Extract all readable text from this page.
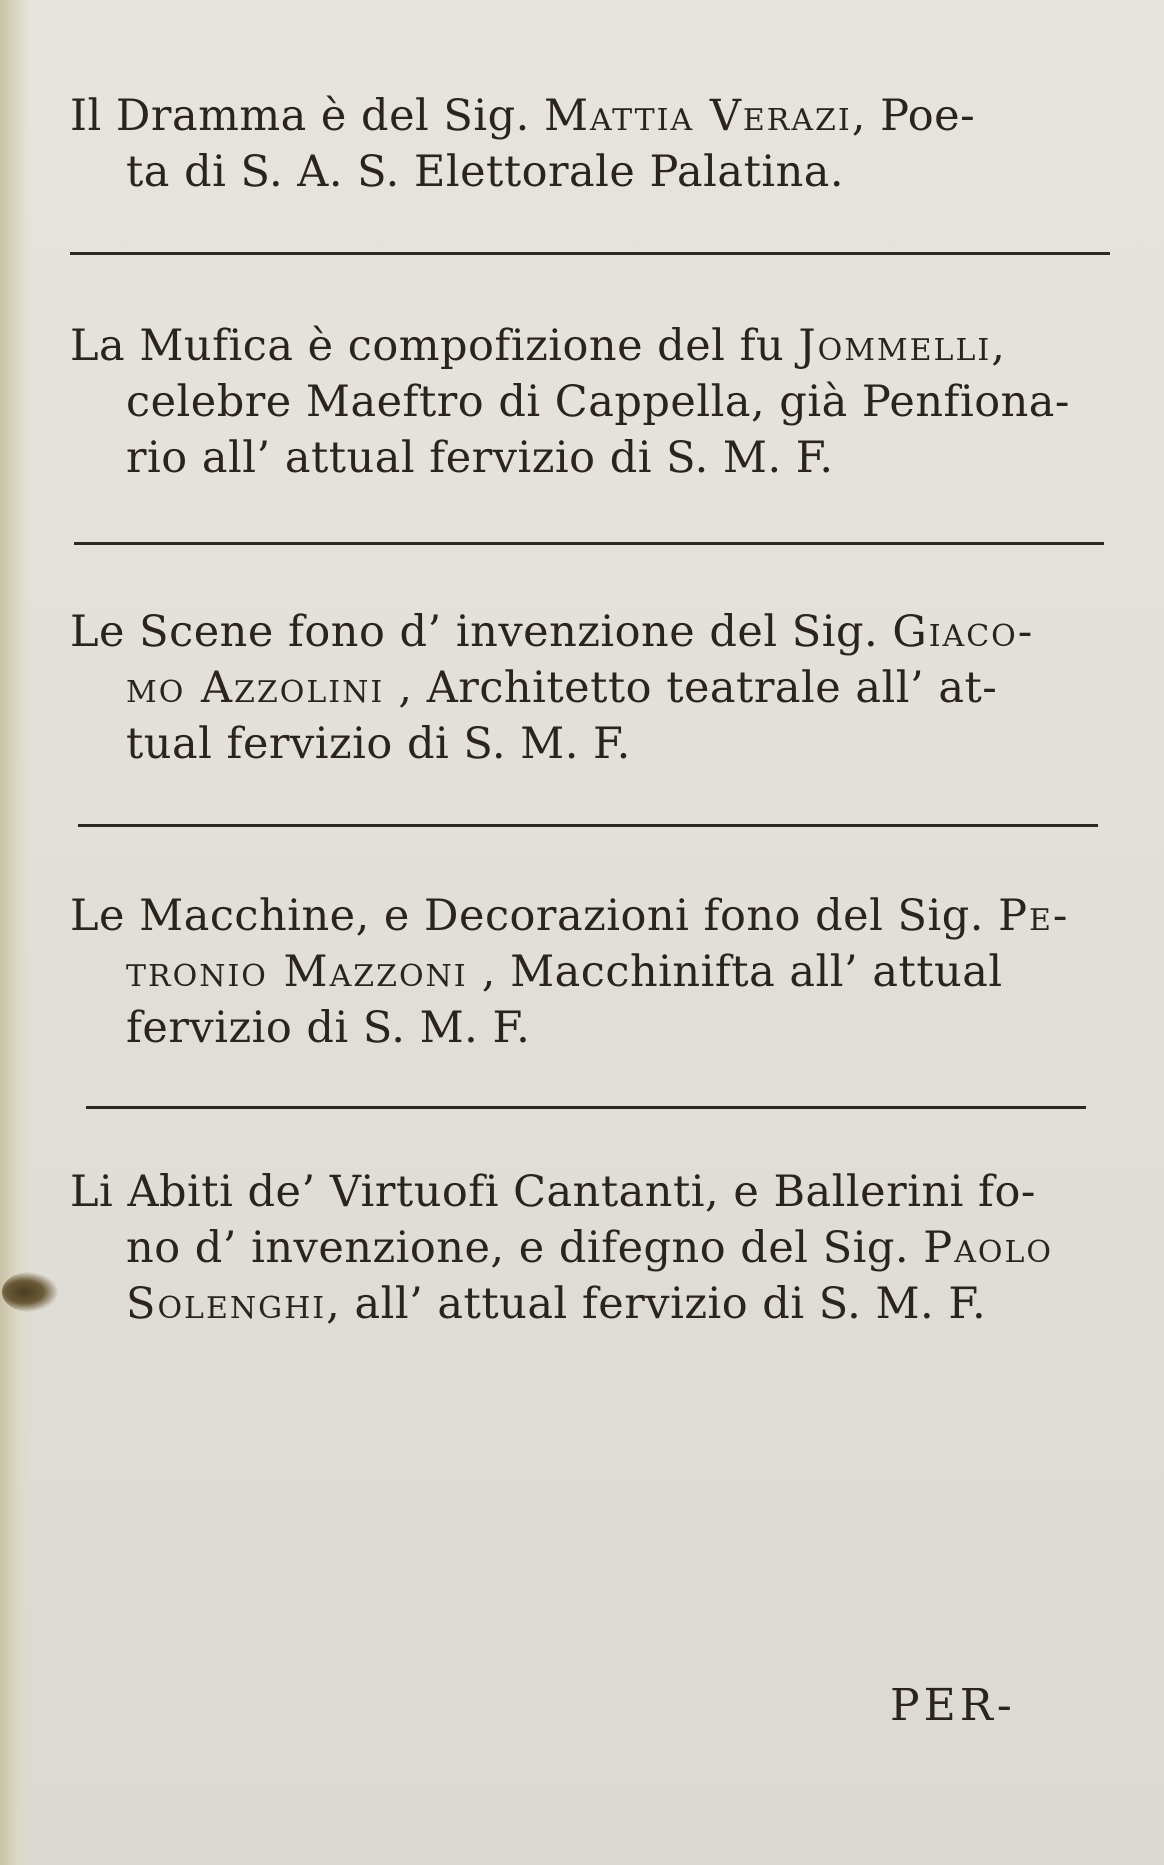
Il Dramma è del Sig. Mattia Verazi, Poe-
ta di S. A. S. Elettorale Palatina.
La Mufica è compofizione del fu Jommelli,
celebre Maeftro di Cappella, già Penfiona-
rio all’ attual fervizio di S. M. F.
Le Scene fono d’ invenzione del Sig. Giaco-
mo Azzolini , Architetto teatrale all’ at-
tual fervizio di S. M. F.
Le Macchine, e Decorazioni fono del Sig. Pe-
tronio Mazzoni , Macchinifta all’ attual
fervizio di S. M. F.
Li Abiti de’ Virtuofi Cantanti, e Ballerini fo-
no d’ invenzione, e difegno del Sig. Paolo
Solenghi, all’ attual fervizio di S. M. F.
PER-
